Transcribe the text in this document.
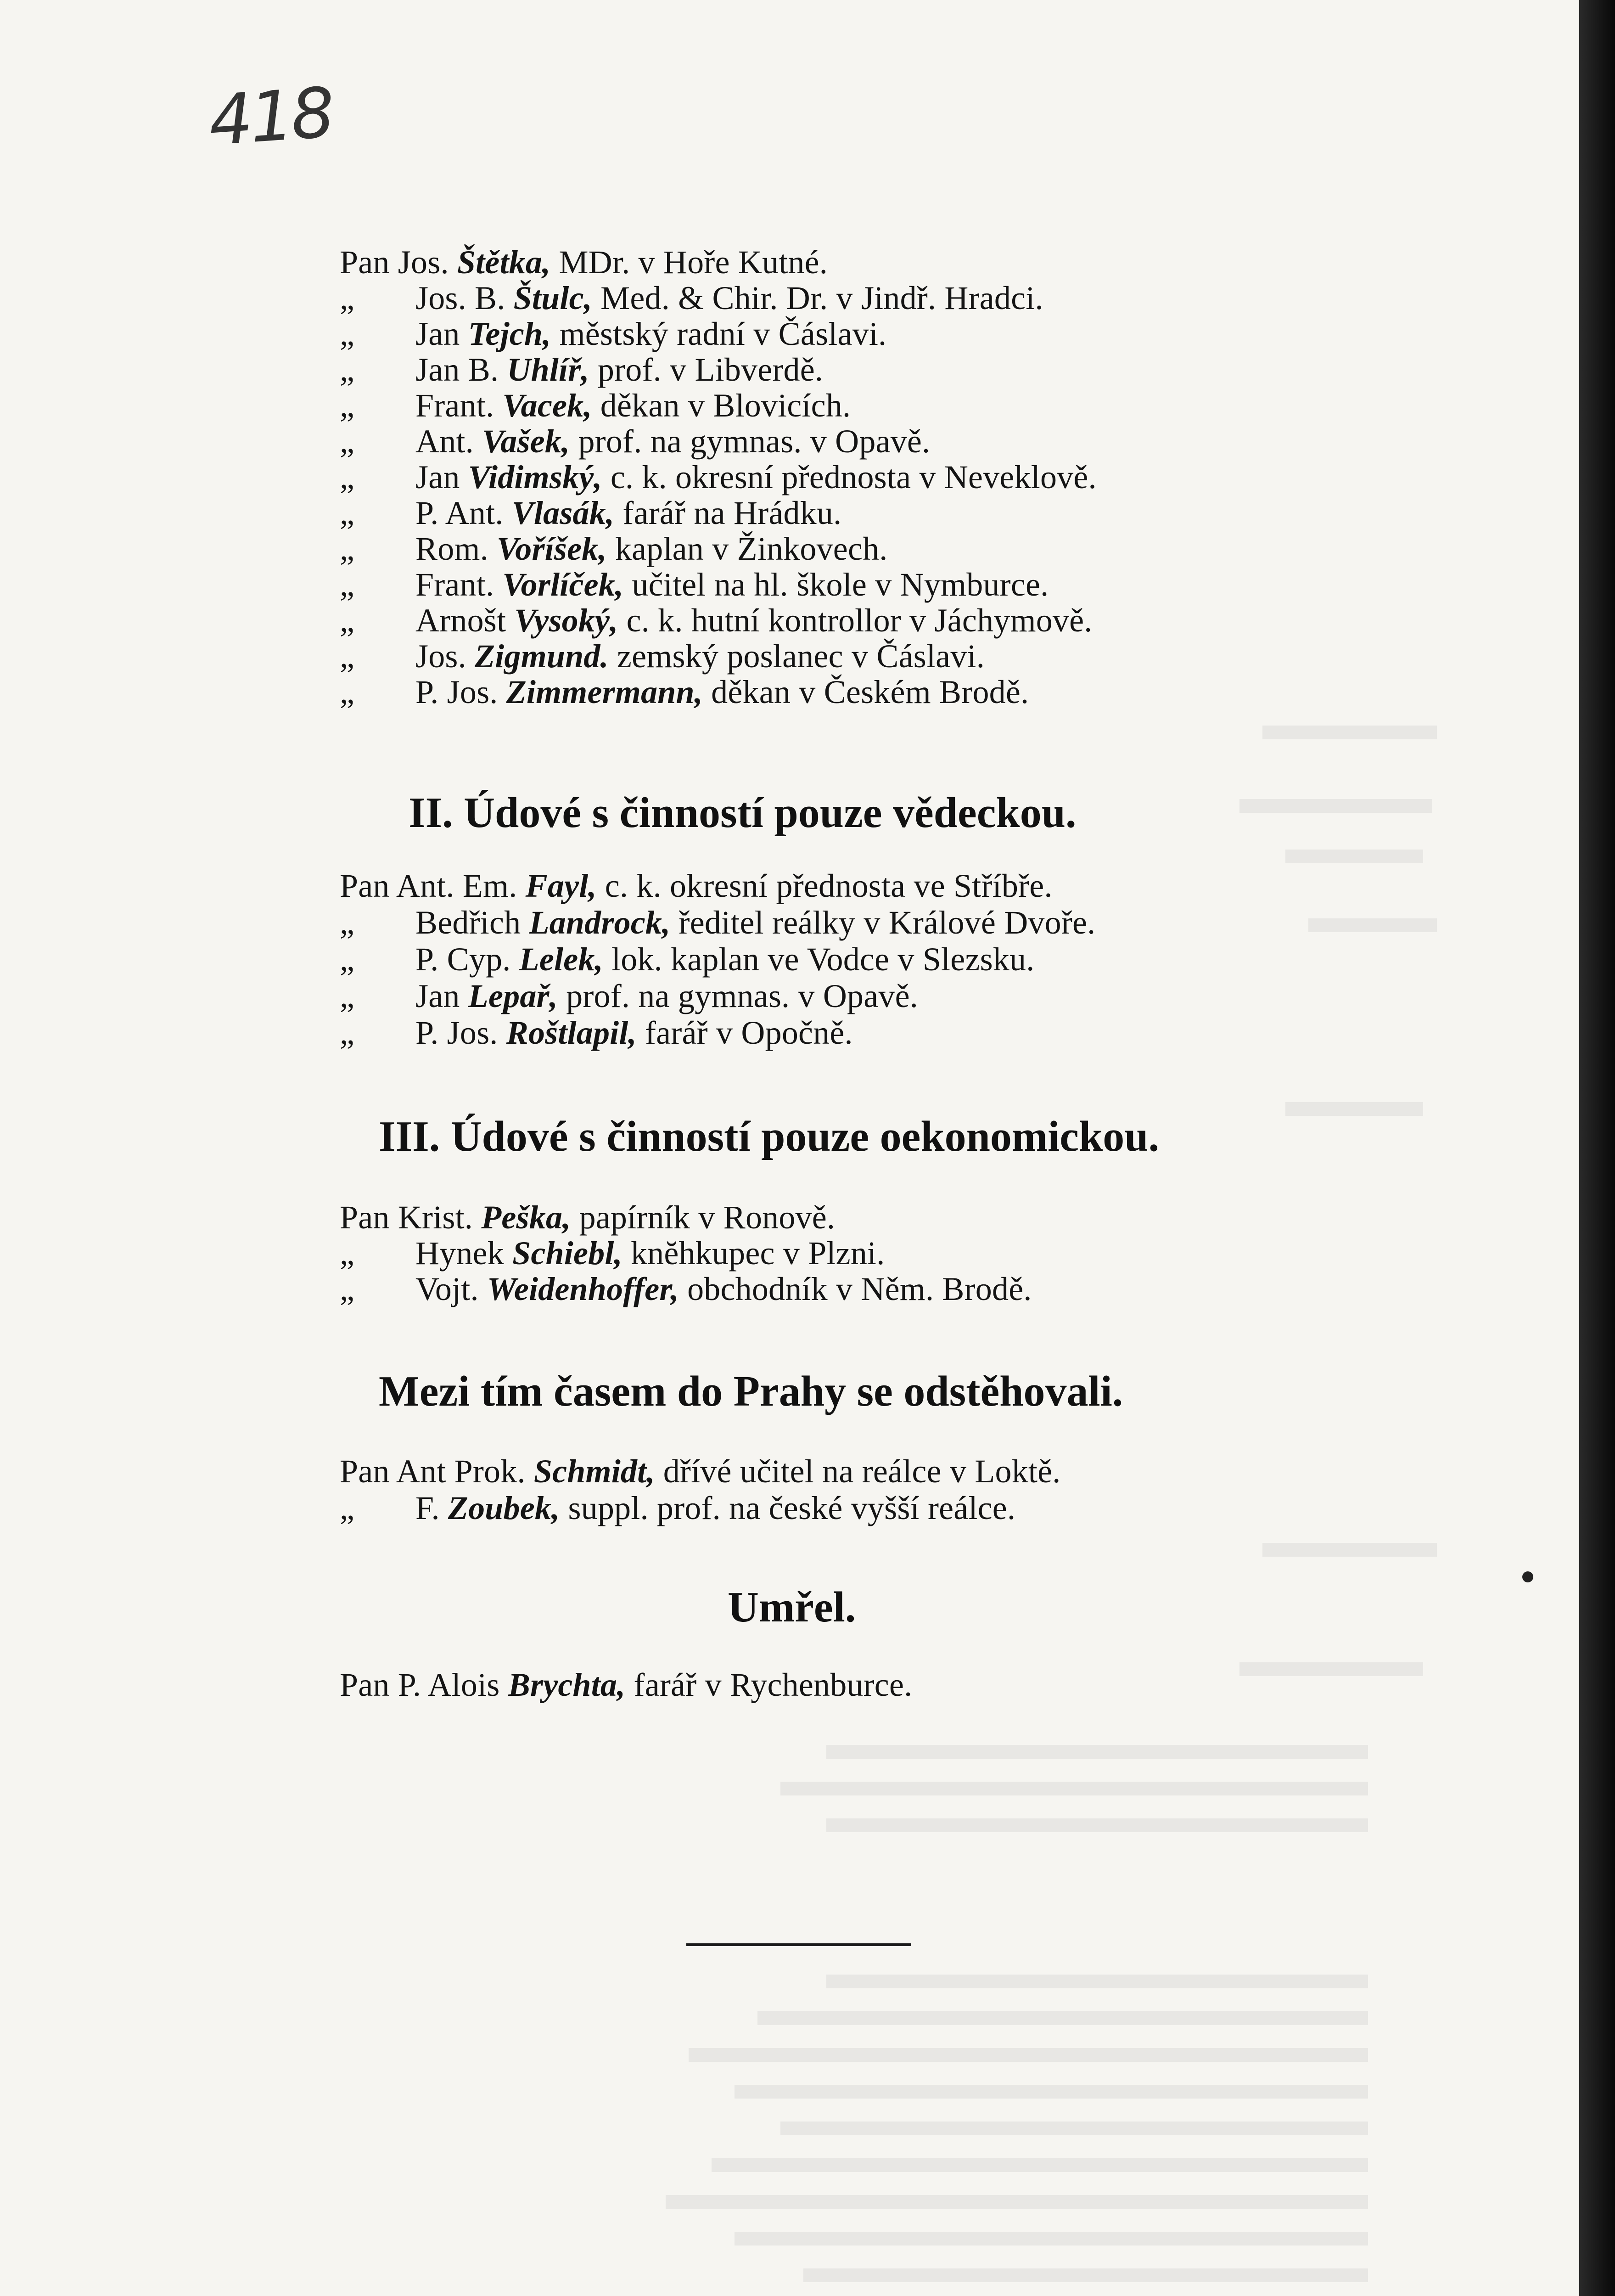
418
Pan Jos. Štětka, MDr. v Hoře Kutné.
„
Jos. B. Štulc, Med. & Chir. Dr. v Jindř. Hradci.
„
Jan Tejch, městský radní v Čáslavi.
„
Jan B. Uhlíř, prof. v Libverdě.
„
Frant. Vacek, děkan v Blovicích.
„
Ant. Vašek, prof. na gymnas. v Opavě.
„
Jan Vidimský, c. k. okresní přednosta v Neveklově.
„
P. Ant. Vlasák, farář na Hrádku.
„
Rom. Voříšek, kaplan v Žinkovech.
„
Frant. Vorlíček, učitel na hl. škole v Nymburce.
„
Arnošt Vysoký, c. k. hutní kontrollor v Jáchymově.
„
Jos. Zigmund. zemský poslanec v Čáslavi.
„
P. Jos. Zimmermann, děkan v Českém Brodě.
II. Údové s činností pouze vědeckou.
Pan Ant. Em. Fayl, c. k. okresní přednosta ve Stříbře.
„
Bedřich Landrock, ředitel reálky v Králové Dvoře.
„
P. Cyp. Lelek, lok. kaplan ve Vodce v Slezsku.
„
Jan Lepař, prof. na gymnas. v Opavě.
„
P. Jos. Roštlapil, farář v Opočně.
III. Údové s činností pouze oekonomickou.
Pan Krist. Peška, papírník v Ronově.
„
Hynek Schiebl, knĕhkupec v Plzni.
„
Vojt. Weidenhoffer, obchodník v Něm. Brodě.
Mezi tím časem do Prahy se odstěhovali.
Pan Ant Prok. Schmidt, dřívé učitel na reálce v Loktě.
„
F. Zoubek, suppl. prof. na české vyšší reálce.
Umřel.
Pan P. Alois Brychta, farář v Rychenburce.
